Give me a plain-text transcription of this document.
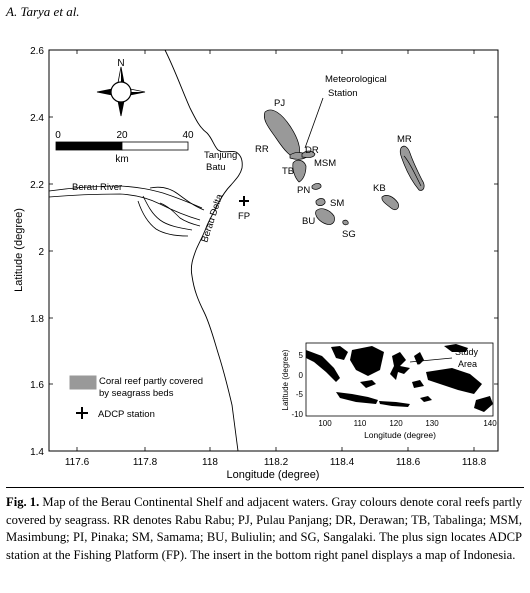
A. Tarya et al.
N
0	20	40
km
Berau River
Berau Delta
Tanjung
Batu
RR
FP
PJ
DR
TB
MSM
PN
SM
BU
SG
MR
KB
Meteorological
Station
Coral reef partly covered
by seagrass beds
ADCP station
117.6	117.8	118	118.2	118.4	118.6	118.8
2.6
2.4
2.2
2
1.8
1.6
1.4
Longitude (degree)
Latitude (degree)
Study
Area
100	110	120	130	140
5
0
-5
-10
Longitude (degree)
Latitude (degree)
Fig. 1. Map of the Berau Continental Shelf and adjacent waters. Gray colours denote coral reefs partly covered by seagrass. RR denotes Rabu Rabu; PJ, Pulau Panjang; DR, Derawan; TB, Tabalinga; MSM, Masimbung; PI, Pinaka; SM, Samama; BU, Buliulin; and SG, Sangalaki. The plus sign locates ADCP station at the Fishing Platform (FP). The insert in the bottom right panel displays a map of Indonesia.
